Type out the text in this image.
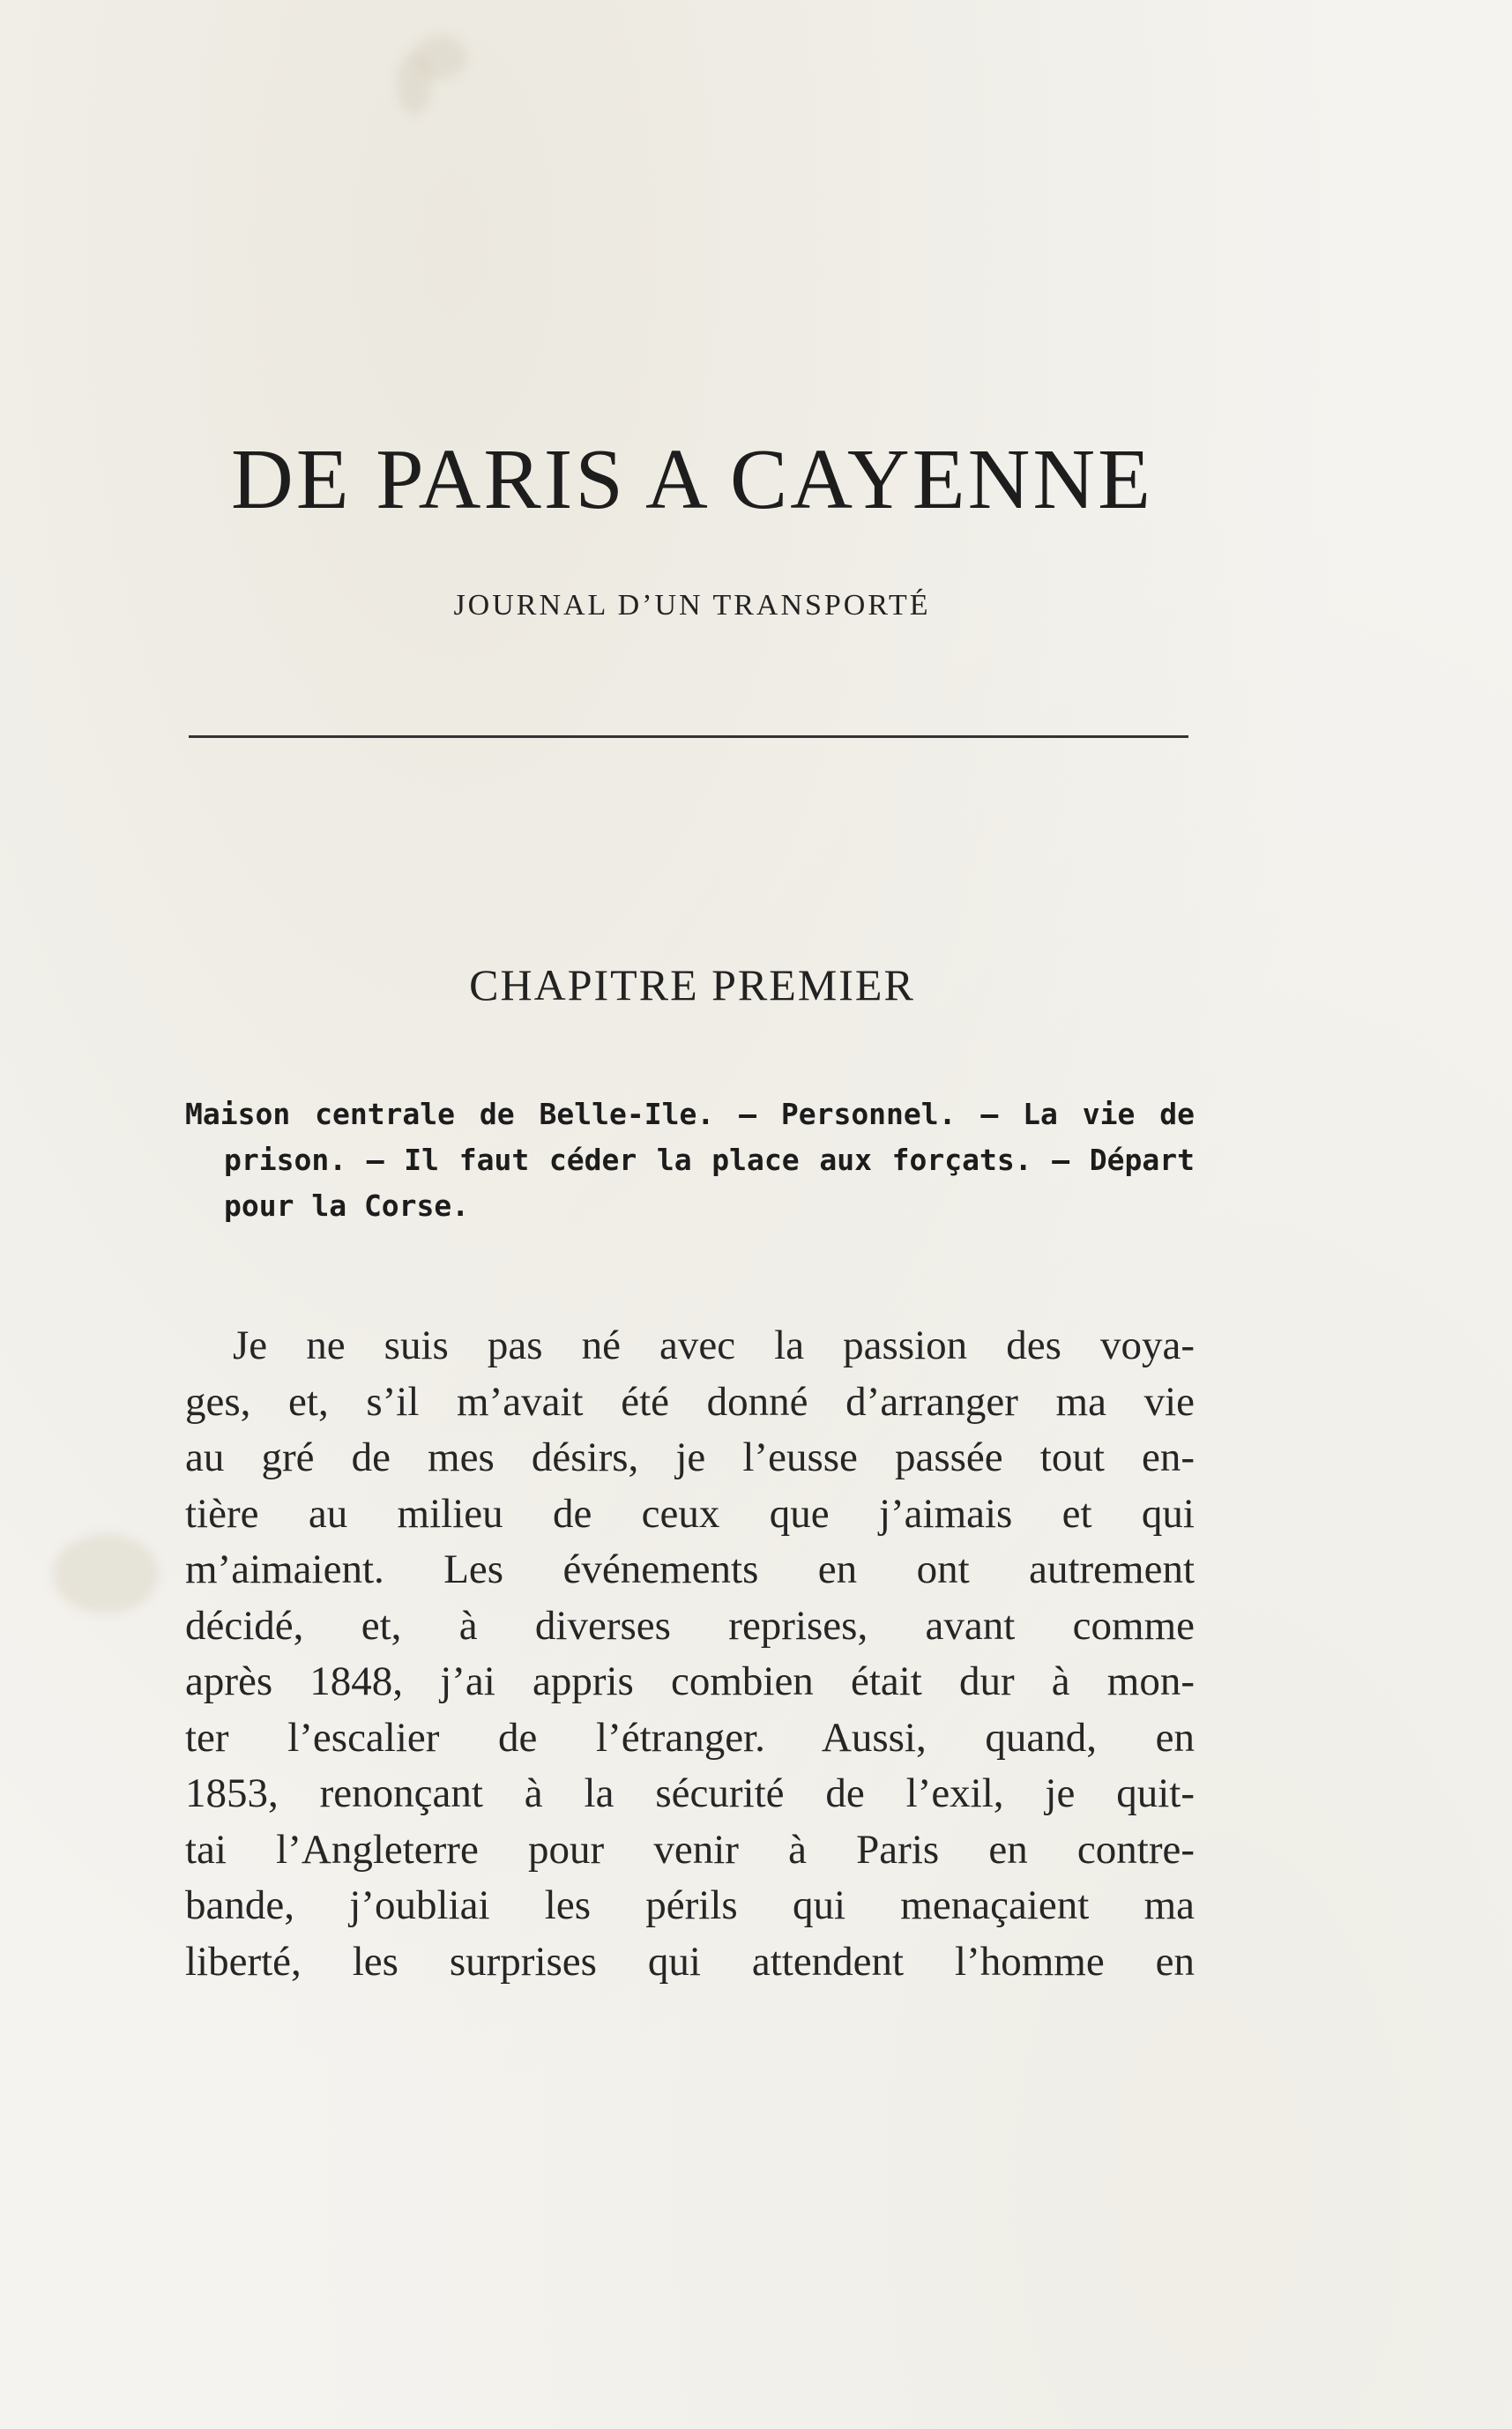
DE PARIS A CAYENNE
JOURNAL D’UN TRANSPORTÉ
CHAPITRE PREMIER
Maison centrale de Belle-Ile. — Personnel. — La vie de
prison. — Il faut céder la place aux forçats. — Départ
pour la Corse.
Je ne suis pas né avec la passion des voya-
ges, et, s’il m’avait été donné d’arranger ma vie
au gré de mes désirs, je l’eusse passée tout en-
tière au milieu de ceux que j’aimais et qui
m’aimaient. Les événements en ont autrement
décidé, et, à diverses reprises, avant comme
après 1848, j’ai appris combien était dur à mon-
ter l’escalier de l’étranger. Aussi, quand, en
1853, renonçant à la sécurité de l’exil, je quit-
tai l’Angleterre pour venir à Paris en contre-
bande, j’oubliai les périls qui menaçaient ma
liberté, les surprises qui attendent l’homme en
